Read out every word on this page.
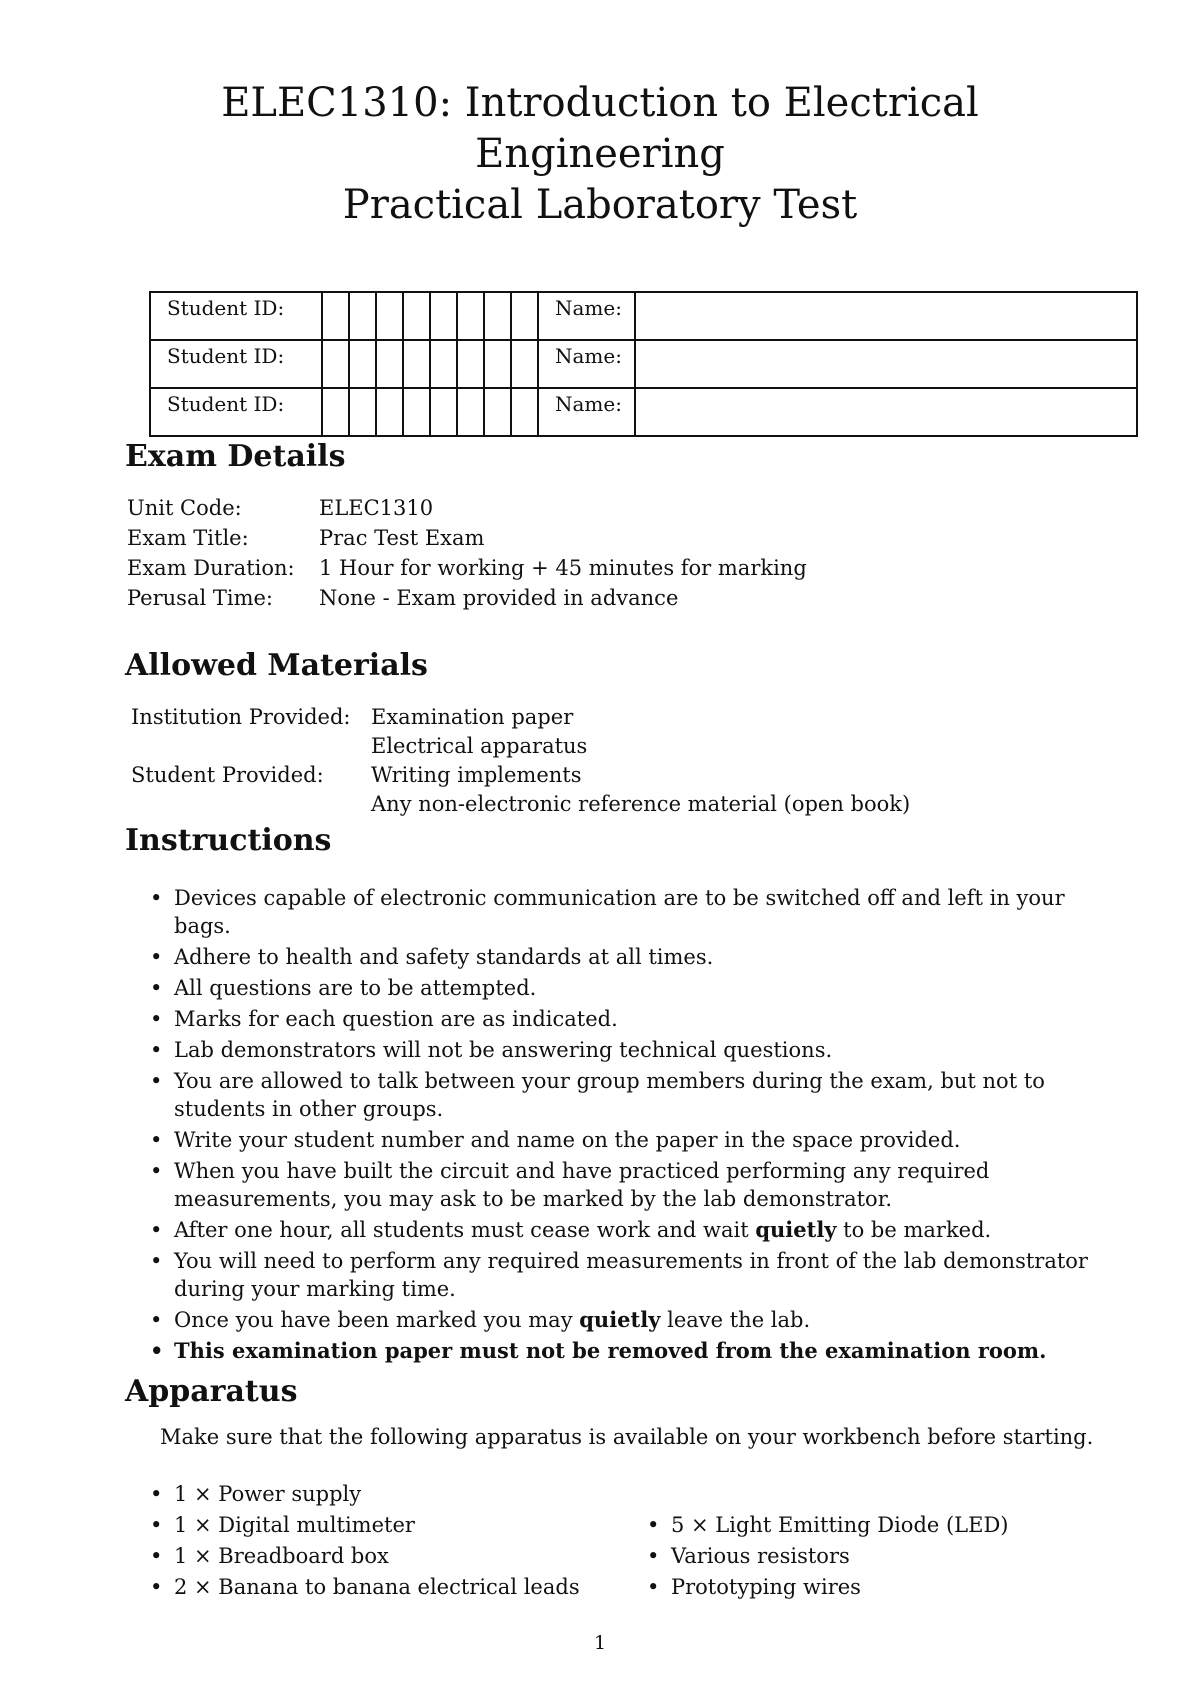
ELEC1310: Introduction to Electrical
Engineering
Practical Laboratory Test
Student ID:									Name:	
Student ID:									Name:	
Student ID:									Name:	
Exam Details
Unit Code:	ELEC1310
Exam Title:	Prac Test Exam
Exam Duration:	1 Hour for working + 45 minutes for marking
Perusal Time:	None - Exam provided in advance
Allowed Materials
Institution Provided: Examination paper
Electrical apparatus
Student Provided:	Writing implements
Any non-electronic reference material (open book)
Instructions
• Devices capable of electronic communication are to be switched off and left in your bags.
• Adhere to health and safety standards at all times.
• All questions are to be attempted.
• Marks for each question are as indicated.
• Lab demonstrators will not be answering technical questions.
• You are allowed to talk between your group members during the exam, but not to students in other groups.
• Write your student number and name on the paper in the space provided.
• When you have built the circuit and have practiced performing any required measurements, you may ask to be marked by the lab demonstrator.
• After one hour, all students must cease work and wait quietly to be marked.
• You will need to perform any required measurements in front of the lab demonstrator during your marking time.
• Once you have been marked you may quietly leave the lab.
• This examination paper must not be removed from the examination room.
Apparatus
Make sure that the following apparatus is available on your workbench before starting.
• 1 × Power supply
• 1 × Digital multimeter
• 1 × Breadboard box
• 2 × Banana to banana electrical leads
• 5 × Light Emitting Diode (LED)
• Various resistors
• Prototyping wires
1
